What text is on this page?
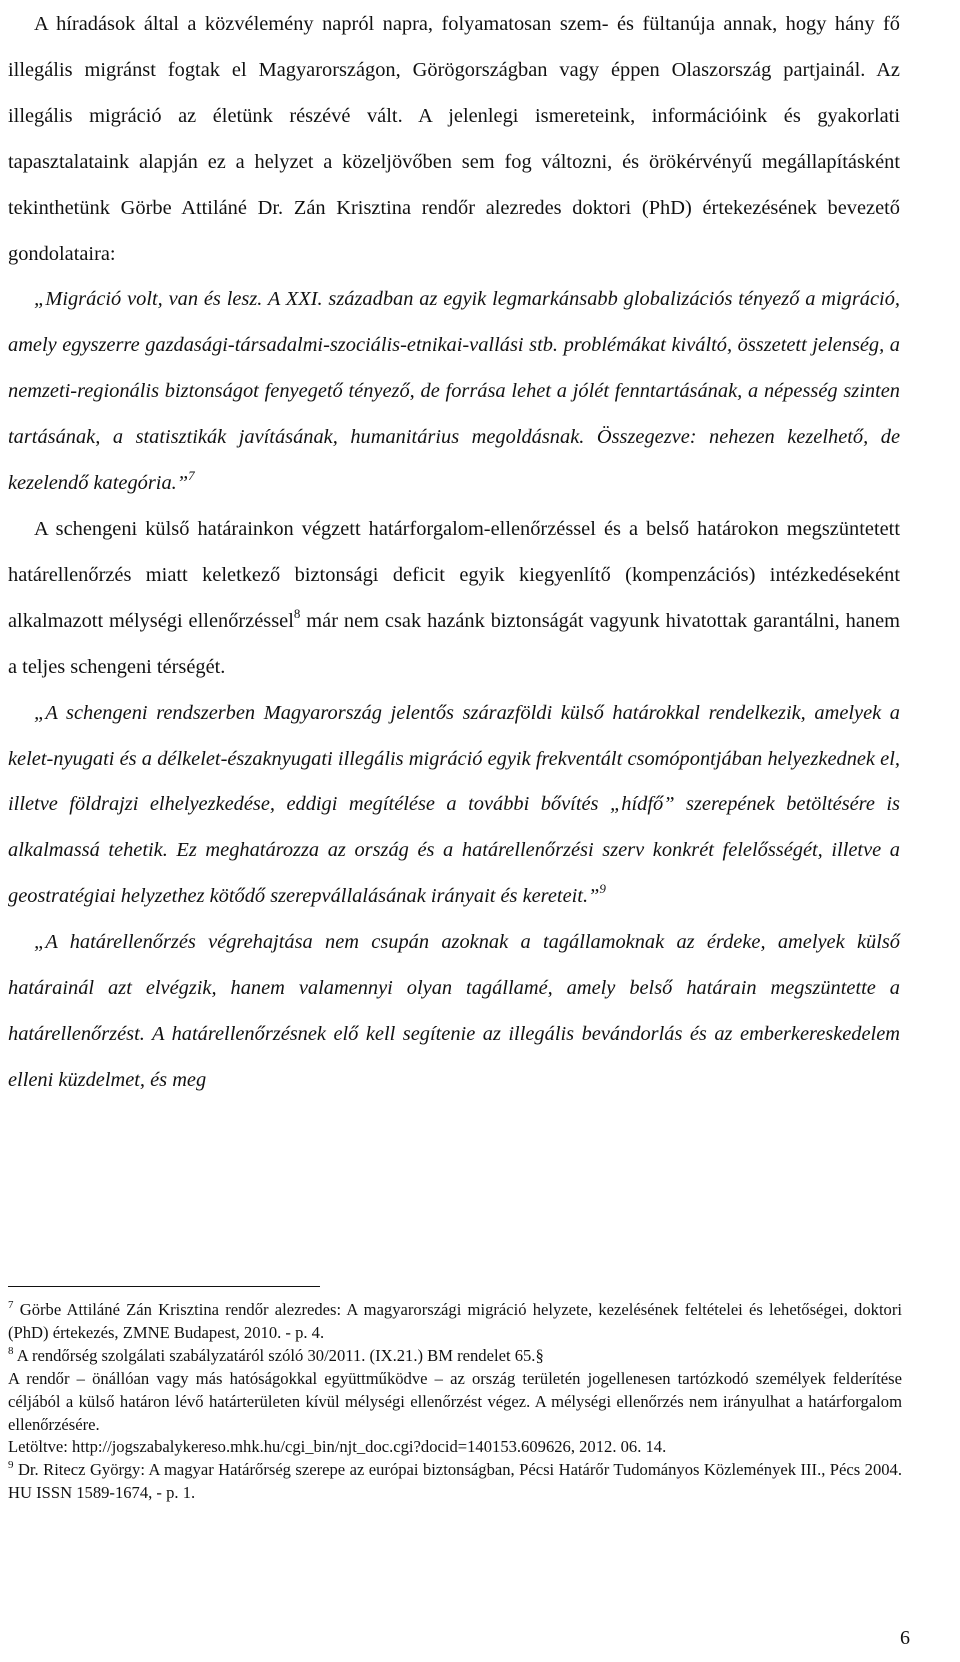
A híradások által a közvélemény napról napra, folyamatosan szem- és fültanúja annak, hogy hány fő illegális migránst fogtak el Magyarországon, Görögországban vagy éppen Olaszország partjainál. Az illegális migráció az életünk részévé vált. A jelenlegi ismereteink, információink és gyakorlati tapasztalataink alapján ez a helyzet a közeljövőben sem fog változni, és örökérvényű megállapításként tekinthetünk Görbe Attiláné Dr. Zán Krisztina rendőr alezredes doktori (PhD) értekezésének bevezető gondolataira:

„Migráció volt, van és lesz. A XXI. században az egyik legmarkánsabb globalizációs tényező a migráció, amely egyszerre gazdasági-társadalmi-szociális-etnikai-vallási stb. problémákat kiváltó, összetett jelenség, a nemzeti-regionális biztonságot fenyegető tényező, de forrása lehet a jólét fenntartásának, a népesség szinten tartásának, a statisztikák javításának, humanitárius megoldásnak. Összegezve: nehezen kezelhető, de kezelendő kategória.”$^7$

A schengeni külső határainkon végzett határforgalom-ellenőrzéssel és a belső határokon megszüntetett határellenőrzés miatt keletkező biztonsági deficit egyik kiegyenlítő (kompenzációs) intézkedéseként alkalmazott mélységi ellenőrzéssel$^8$ már nem csak hazánk biztonságát vagyunk hivatottak garantálni, hanem a teljes schengeni térségét.

„A schengeni rendszerben Magyarország jelentős szárazföldi külső határokkal rendelkezik, amelyek a kelet-nyugati és a délkelet-északnyugati illegális migráció egyik frekventált csomópontjában helyezkednek el, illetve földrajzi elhelyezkedése, eddigi megítélése a további bővítés „hídfő” szerepének betöltésére is alkalmassá tehetik. Ez meghatározza az ország és a határellenőrzési szerv konkrét felelősségét, illetve a geostratégiai helyzethez kötődő szerepvállalásának irányait és kereteit.”$^9$

„A határellenőrzés végrehajtása nem csupán azoknak a tagállamoknak az érdeke, amelyek külső határainál azt elvégzik, hanem valamennyi olyan tagállamé, amely belső határain megszüntette a határellenőrzést. A határellenőrzésnek elő kell segítenie az illegális bevándorlás és az emberkereskedelem elleni küzdelmet, és meg

$^7$ Görbe Attiláné Zán Krisztina rendőr alezredes: A magyarországi migráció helyzete, kezelésének feltételei és lehetőségei, doktori (PhD) értekezés, ZMNE Budapest, 2010. - p. 4.

$^8$ A rendőrség szolgálati szabályzatáról szóló 30/2011. (IX.21.) BM rendelet 65.§

A rendőr – önállóan vagy más hatóságokkal együttműködve – az ország területén jogellenesen tartózkodó személyek felderítése céljából a külső határon lévő határterületen kívül mélységi ellenőrzést végez. A mélységi ellenőrzés nem irányulhat a határforgalom ellenőrzésére.

Letöltve: http://jogszabalykereso.mhk.hu/cgi_bin/njt_doc.cgi?docid=140153.609626, 2012. 06. 14.

$^9$ Dr. Ritecz György: A magyar Határőrség szerepe az európai biztonságban, Pécsi Határőr Tudományos Közlemények III., Pécs 2004. HU ISSN 1589-1674, - p. 1.

6
